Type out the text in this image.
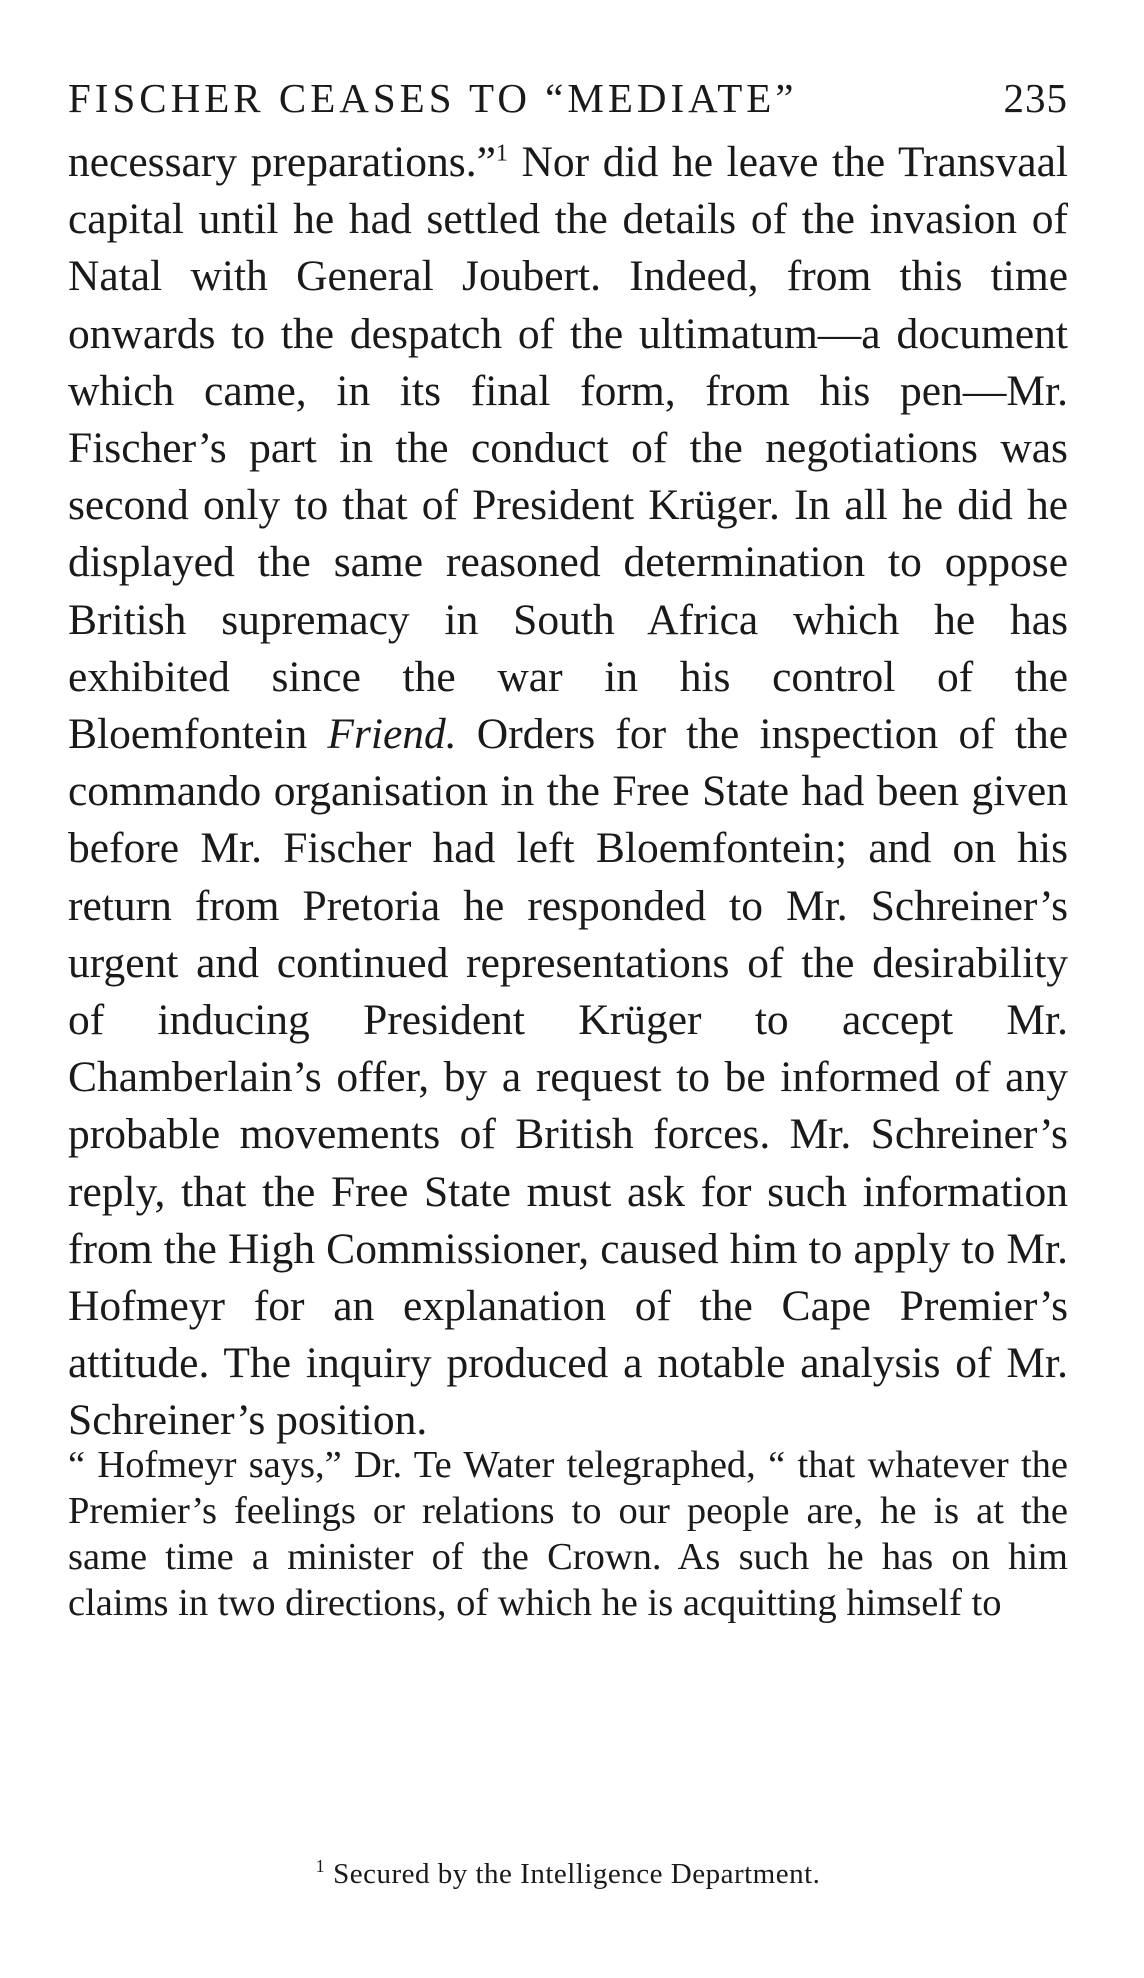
FISCHER CEASES TO “MEDIATE”	235

necessary preparations.”$^1$ Nor did he leave the Transvaal capital until he had settled the details of the invasion of Natal with General Joubert. Indeed, from this time onwards to the despatch of the ultimatum—a document which came, in its final form, from his pen—Mr. Fischer’s part in the conduct of the negotiations was second only to that of President Krüger. In all he did he displayed the same reasoned determination to oppose British supremacy in South Africa which he has exhibited since the war in his control of the Bloemfontein Friend. Orders for the inspection of the commando organisation in the Free State had been given before Mr. Fischer had left Bloemfontein; and on his return from Pretoria he responded to Mr. Schreiner’s urgent and continued representations of the desirability of inducing President Krüger to accept Mr. Chamberlain’s offer, by a request to be informed of any probable movements of British forces. Mr. Schreiner’s reply, that the Free State must ask for such information from the High Commissioner, caused him to apply to Mr. Hofmeyr for an explanation of the Cape Premier’s attitude. The inquiry produced a notable analysis of Mr. Schreiner’s position.

“ Hofmeyr says,” Dr. Te Water telegraphed, “ that whatever the Premier’s feelings or relations to our people are, he is at the same time a minister of the Crown. As such he has on him claims in two directions, of which he is acquitting himself to

$^1$ Secured by the Intelligence Department.
